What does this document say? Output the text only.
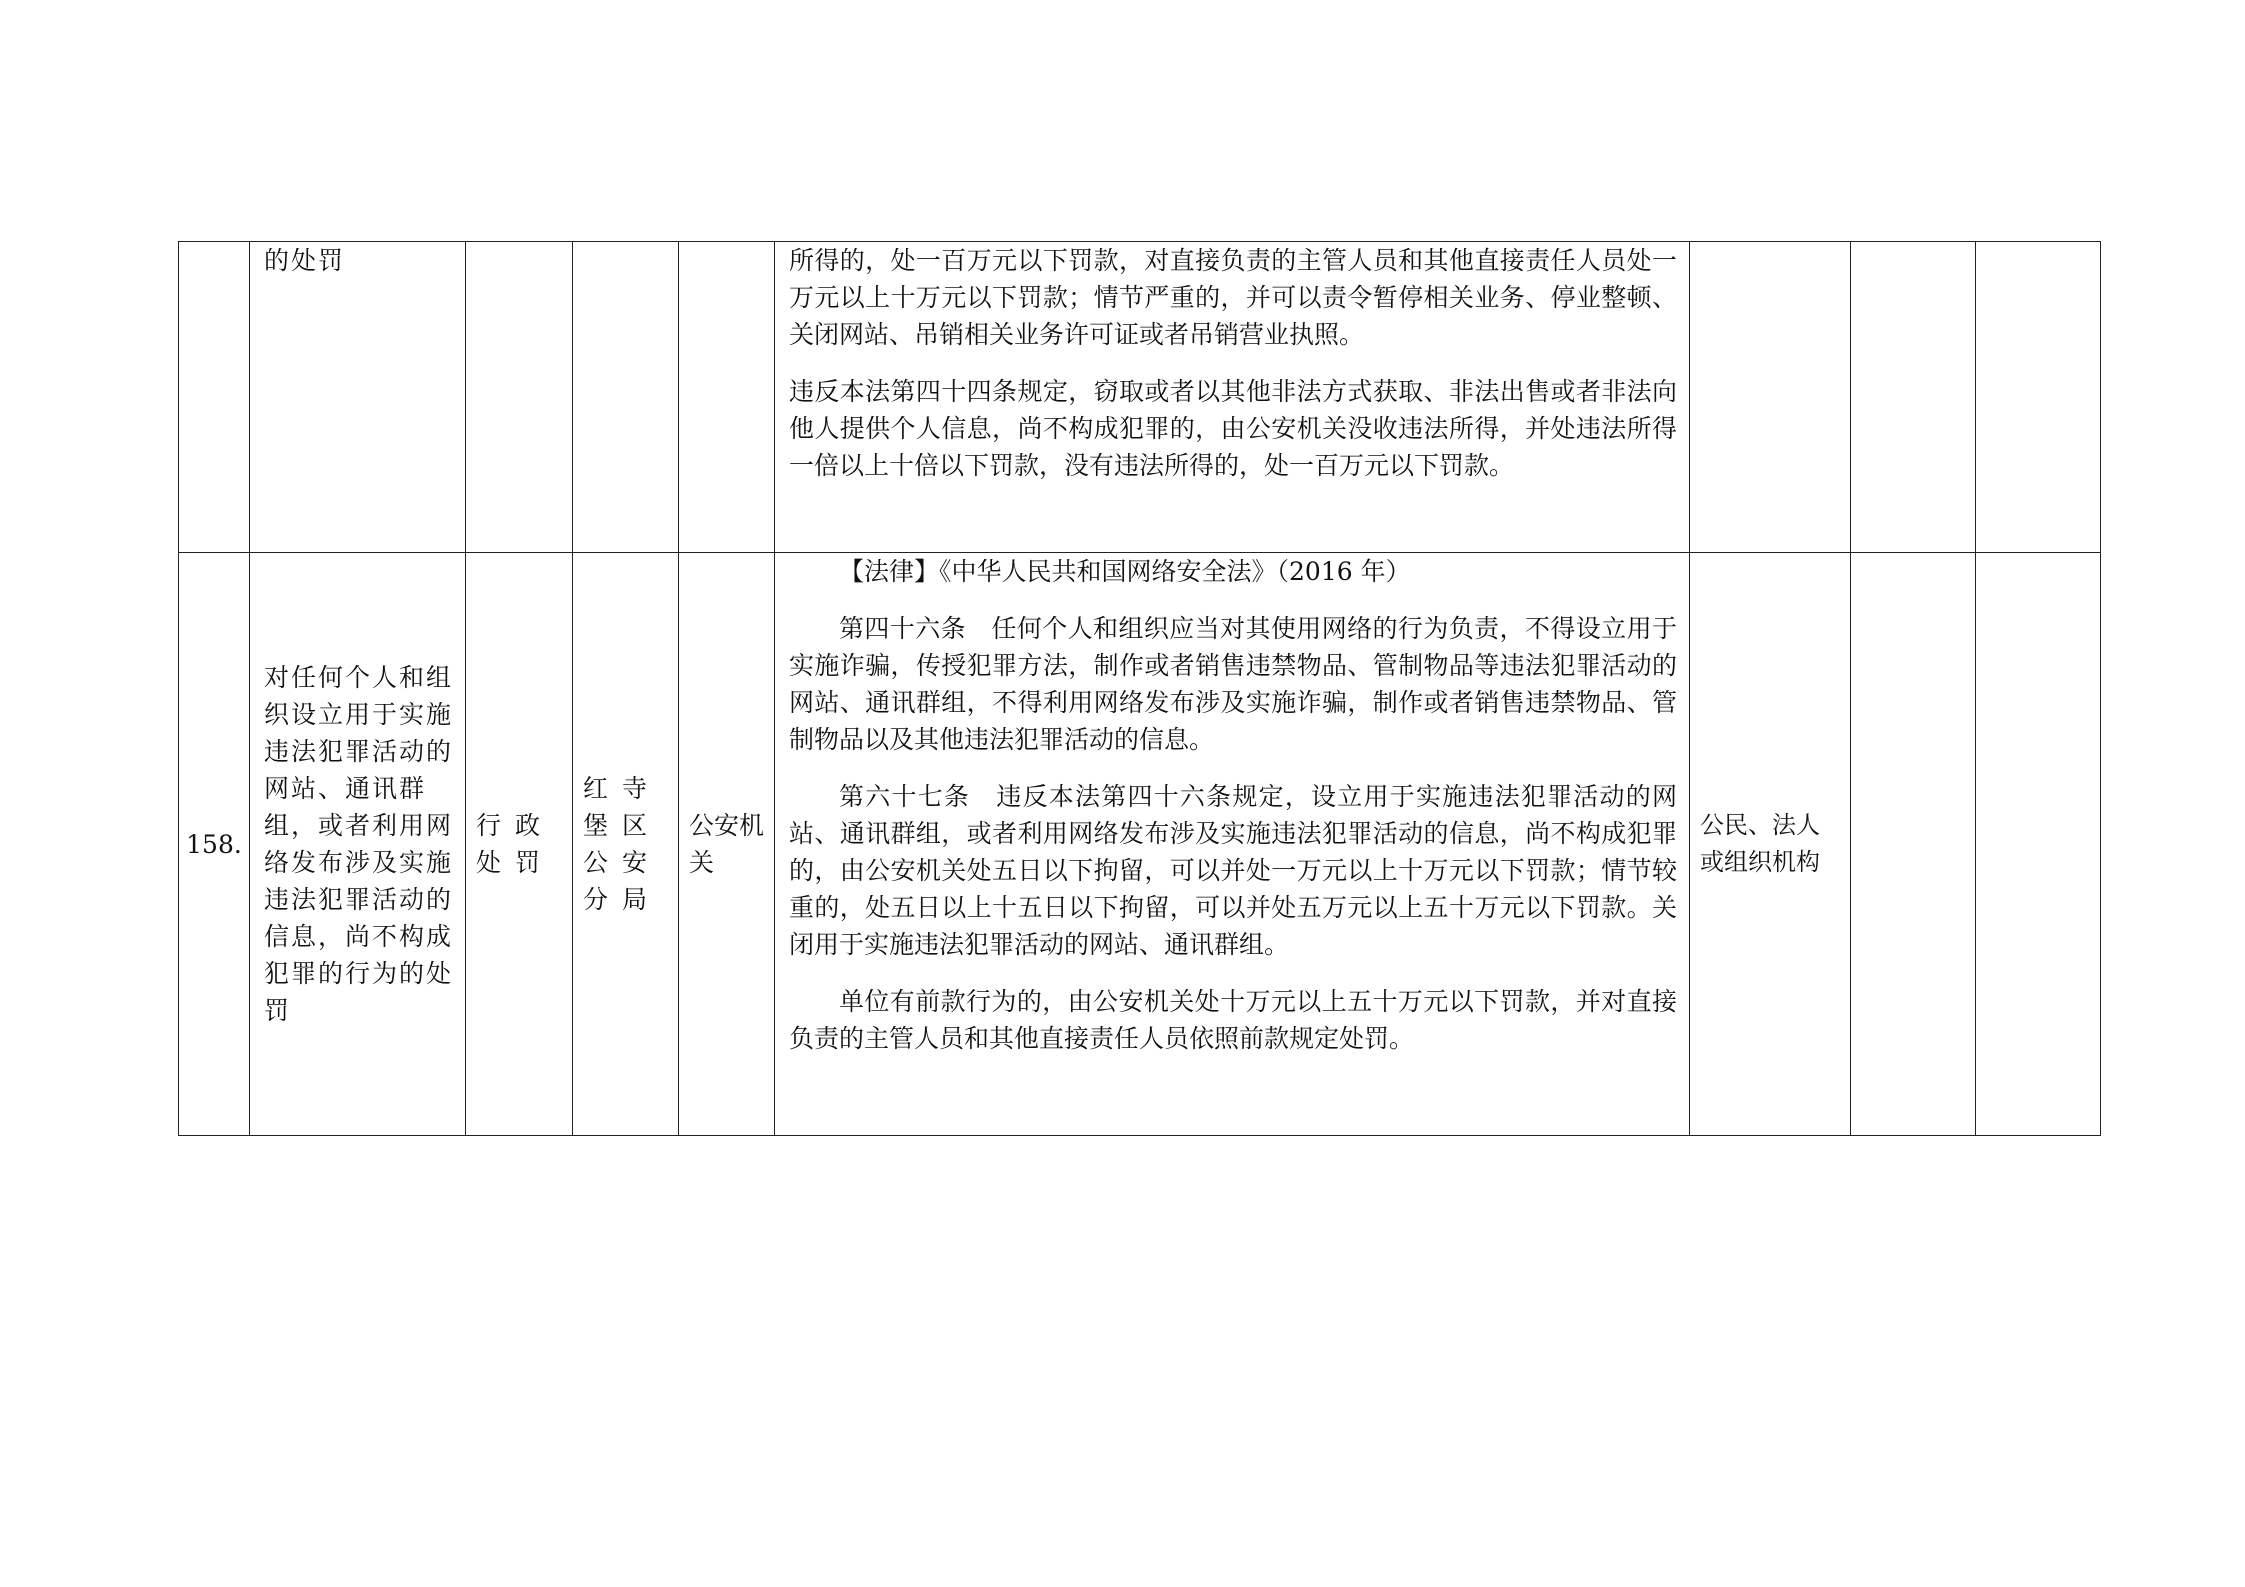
	的处罚				所得的，处一百万元以下罚款，对直接负责的主管人员和其他直接责任人员处一万元以上十万元以下罚款；情节严重的，并可以责令暂停相关业务、停业整顿、关闭网站、吊销相关业务许可证或者吊销营业执照。

违反本法第四十四条规定，窃取或者以其他非法方式获取、非法出售或者非法向他人提供个人信息，尚不构成犯罪的，由公安机关没收违法所得，并处违法所得一倍以上十倍以下罚款，没有违法所得的，处一百万元以下罚款。			

158.	对任何个人和组织设立用于实施违法犯罪活动的网站、通讯群组，或者利用网络发布涉及实施违法犯罪活动的信息，尚不构成犯罪的行为的处罚	行政处罚	红寺堡区公安分局	公安机关	【法律】《中华人民共和国网络安全法》（2016 年）

第四十六条　任何个人和组织应当对其使用网络的行为负责，不得设立用于实施诈骗，传授犯罪方法，制作或者销售违禁物品、管制物品等违法犯罪活动的网站、通讯群组，不得利用网络发布涉及实施诈骗，制作或者销售违禁物品、管制物品以及其他违法犯罪活动的信息。

第六十七条　违反本法第四十六条规定，设立用于实施违法犯罪活动的网站、通讯群组，或者利用网络发布涉及实施违法犯罪活动的信息，尚不构成犯罪的，由公安机关处五日以下拘留，可以并处一万元以上十万元以下罚款；情节较重的，处五日以上十五日以下拘留，可以并处五万元以上五十万元以下罚款。关闭用于实施违法犯罪活动的网站、通讯群组。

单位有前款行为的，由公安机关处十万元以上五十万元以下罚款，并对直接负责的主管人员和其他直接责任人员依照前款规定处罚。	公民、法人或组织机构		
